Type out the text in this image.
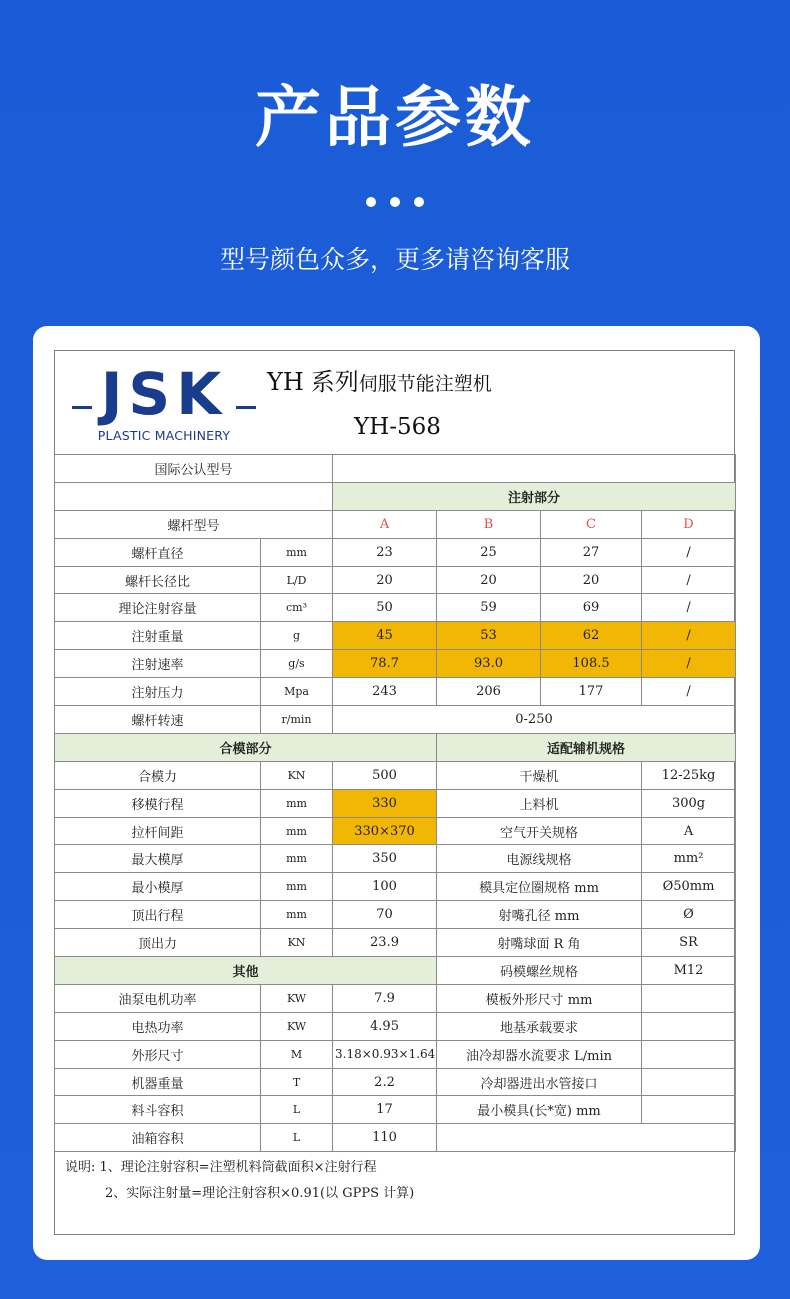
产品参数
型号颜色众多，更多请咨询客服
JSK
PLASTIC MACHINERY
YH 系列伺服节能注塑机
YH-568
国际公认型号					
		注射部分			
螺杆型号		A	B	C	D
螺杆直径	mm	23	25	27	/
螺杆长径比	L/D	20	20	20	/
理论注射容量	cm³	50	59	69	/
注射重量	g	45	53	62	/
注射速率	g/s	78.7	93.0	108.5	/
注射压力	Mpa	243	206	177	/
螺杆转速	r/min	0-250			
合模部分			适配辅机规格		
合模力	KN	500	干燥机		12-25kg
移模行程	mm	330	上料机		300g
拉杆间距	mm	330×370	空气开关规格		A
最大模厚	mm	350	电源线规格		mm²
最小模厚	mm	100	模具定位圈规格 mm		Ø50mm
顶出行程	mm	70	射嘴孔径 mm		Ø
顶出力	KN	23.9	射嘴球面 R 角		SR
其他			码模螺丝规格		M12
油泵电机功率	KW	7.9	模板外形尺寸 mm		
电热功率	KW	4.95	地基承载要求		
外形尺寸	M	3.18×0.93×1.64	油冷却器水流要求 L/min		
机器重量	T	2.2	冷却器进出水管接口		
料斗容积	L	17	最小模具(长*宽) mm		
油箱容积	L	110			
说明: 1、理论注射容积=注塑机料筒截面积×注射行程
2、实际注射量=理论注射容积×0.91(以 GPPS 计算)
